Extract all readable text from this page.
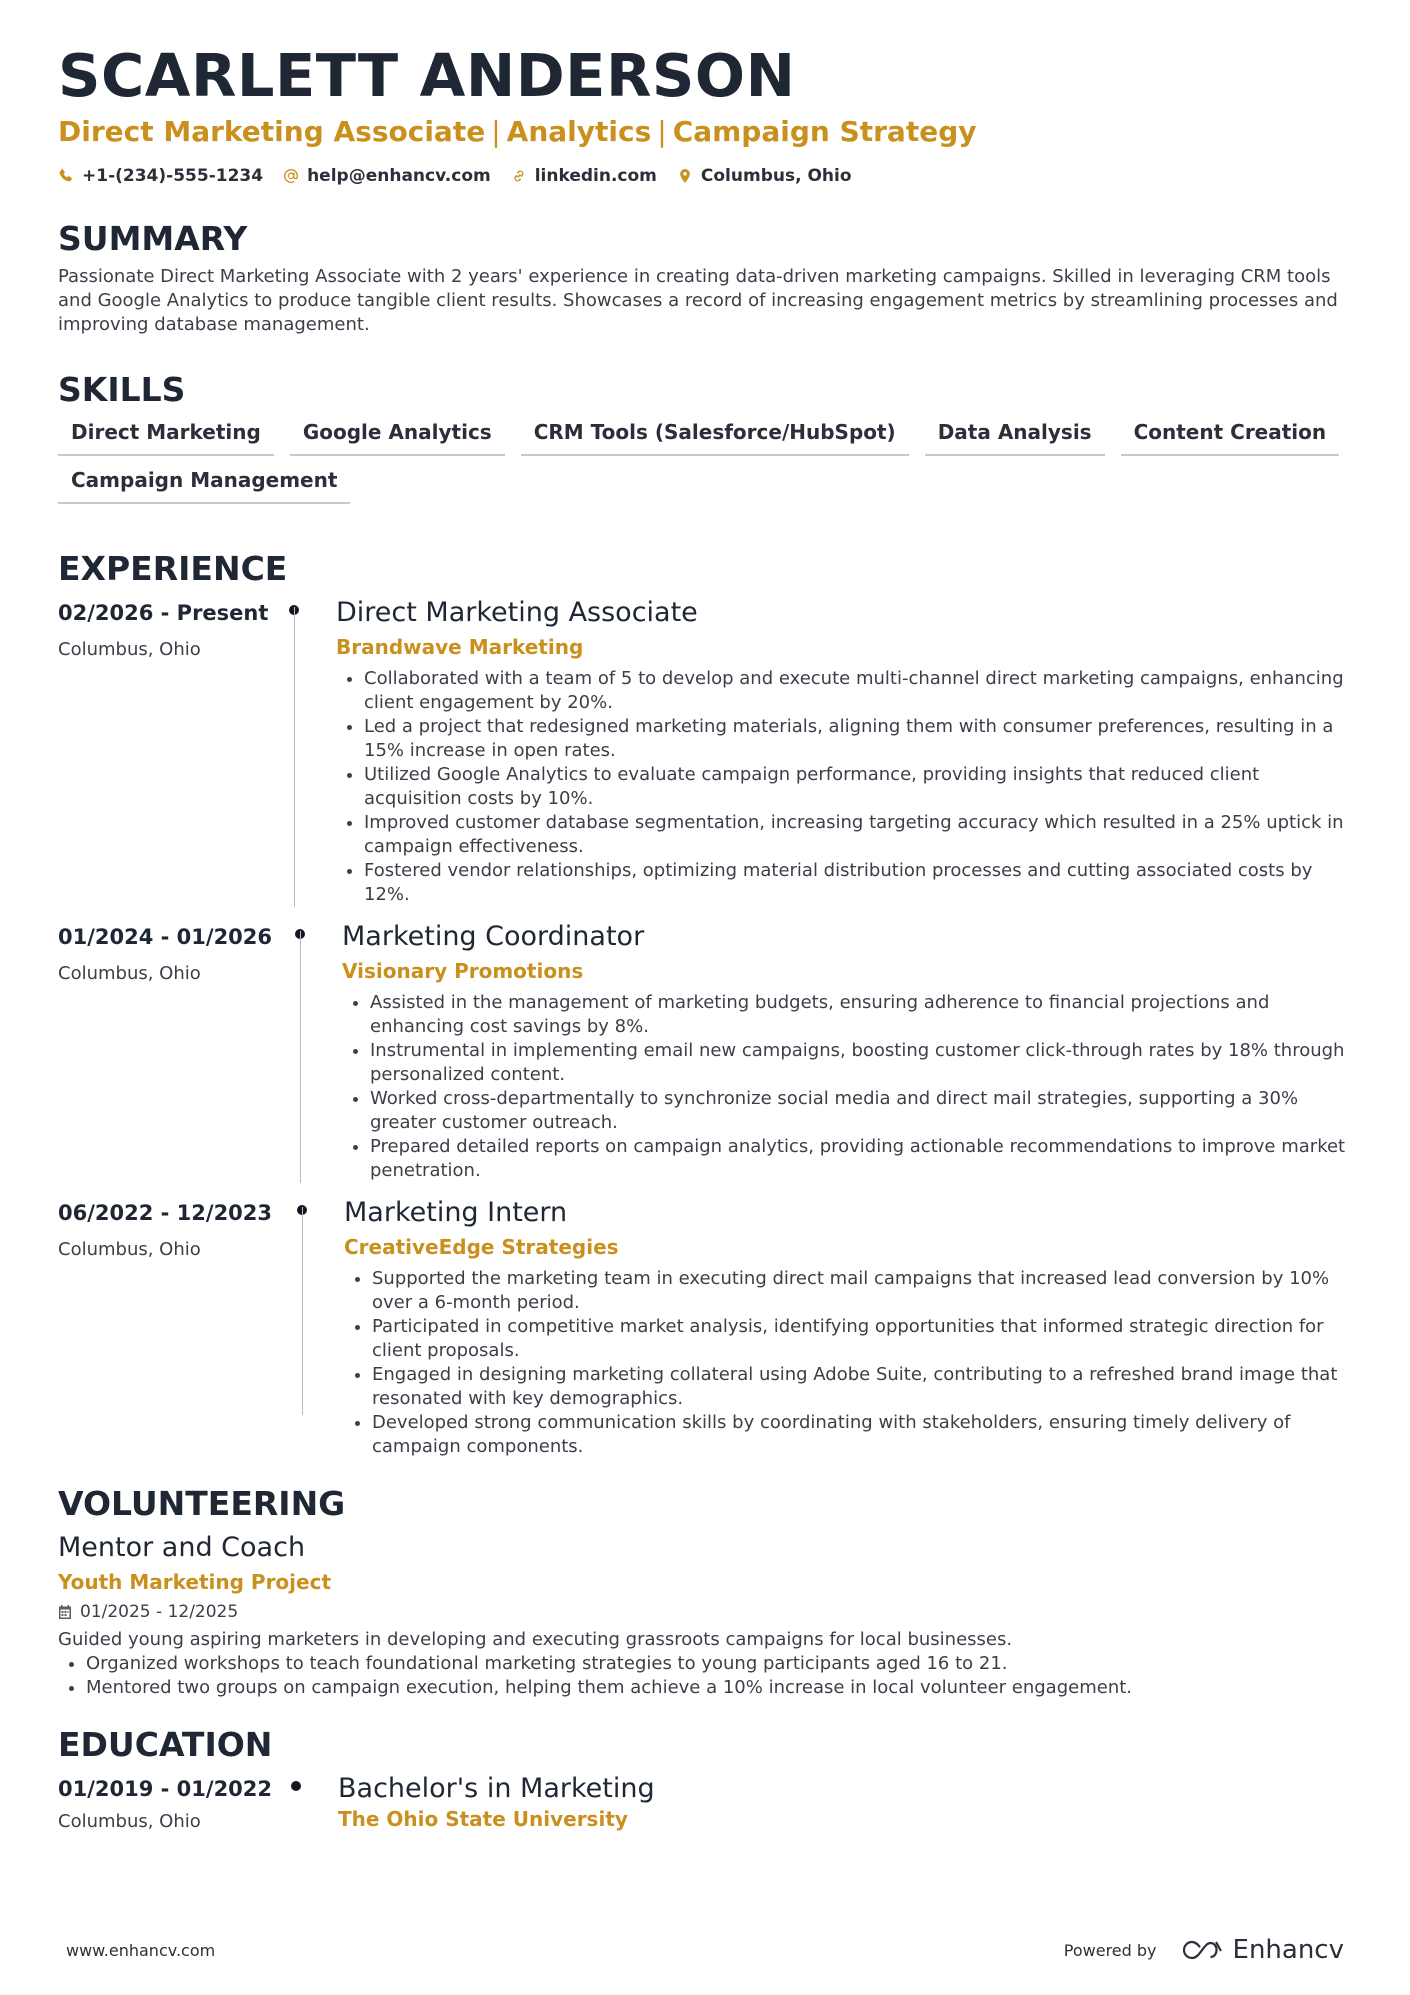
SCARLETT ANDERSON
Direct Marketing Associate | Analytics | Campaign Strategy
+1-(234)-555-1234	help@enhancv.com	linkedin.com	Columbus, Ohio
SUMMARY
Passionate Direct Marketing Associate with 2 years' experience in creating data-driven marketing campaigns. Skilled in leveraging CRM tools and Google Analytics to produce tangible client results. Showcases a record of increasing engagement metrics by streamlining processes and improving database management.
SKILLS
Direct Marketing	Google Analytics	CRM Tools (Salesforce/HubSpot)	Data Analysis	Content Creation
Campaign Management
EXPERIENCE
02/2026 - Present
Columbus, Ohio
Direct Marketing Associate
Brandwave Marketing
• Collaborated with a team of 5 to develop and execute multi-channel direct marketing campaigns, enhancing client engagement by 20%.
• Led a project that redesigned marketing materials, aligning them with consumer preferences, resulting in a 15% increase in open rates.
• Utilized Google Analytics to evaluate campaign performance, providing insights that reduced client acquisition costs by 10%.
• Improved customer database segmentation, increasing targeting accuracy which resulted in a 25% uptick in campaign effectiveness.
• Fostered vendor relationships, optimizing material distribution processes and cutting associated costs by 12%.
01/2024 - 01/2026
Columbus, Ohio
Marketing Coordinator
Visionary Promotions
• Assisted in the management of marketing budgets, ensuring adherence to financial projections and enhancing cost savings by 8%.
• Instrumental in implementing email new campaigns, boosting customer click-through rates by 18% through personalized content.
• Worked cross-departmentally to synchronize social media and direct mail strategies, supporting a 30% greater customer outreach.
• Prepared detailed reports on campaign analytics, providing actionable recommendations to improve market penetration.
06/2022 - 12/2023
Columbus, Ohio
Marketing Intern
CreativeEdge Strategies
• Supported the marketing team in executing direct mail campaigns that increased lead conversion by 10% over a 6-month period.
• Participated in competitive market analysis, identifying opportunities that informed strategic direction for client proposals.
• Engaged in designing marketing collateral using Adobe Suite, contributing to a refreshed brand image that resonated with key demographics.
• Developed strong communication skills by coordinating with stakeholders, ensuring timely delivery of campaign components.
VOLUNTEERING
Mentor and Coach
Youth Marketing Project
01/2025 - 12/2025
Guided young aspiring marketers in developing and executing grassroots campaigns for local businesses.
• Organized workshops to teach foundational marketing strategies to young participants aged 16 to 21.
• Mentored two groups on campaign execution, helping them achieve a 10% increase in local volunteer engagement.
EDUCATION
01/2019 - 01/2022
Columbus, Ohio
Bachelor's in Marketing
The Ohio State University
www.enhancv.com	Powered by	Enhancv
